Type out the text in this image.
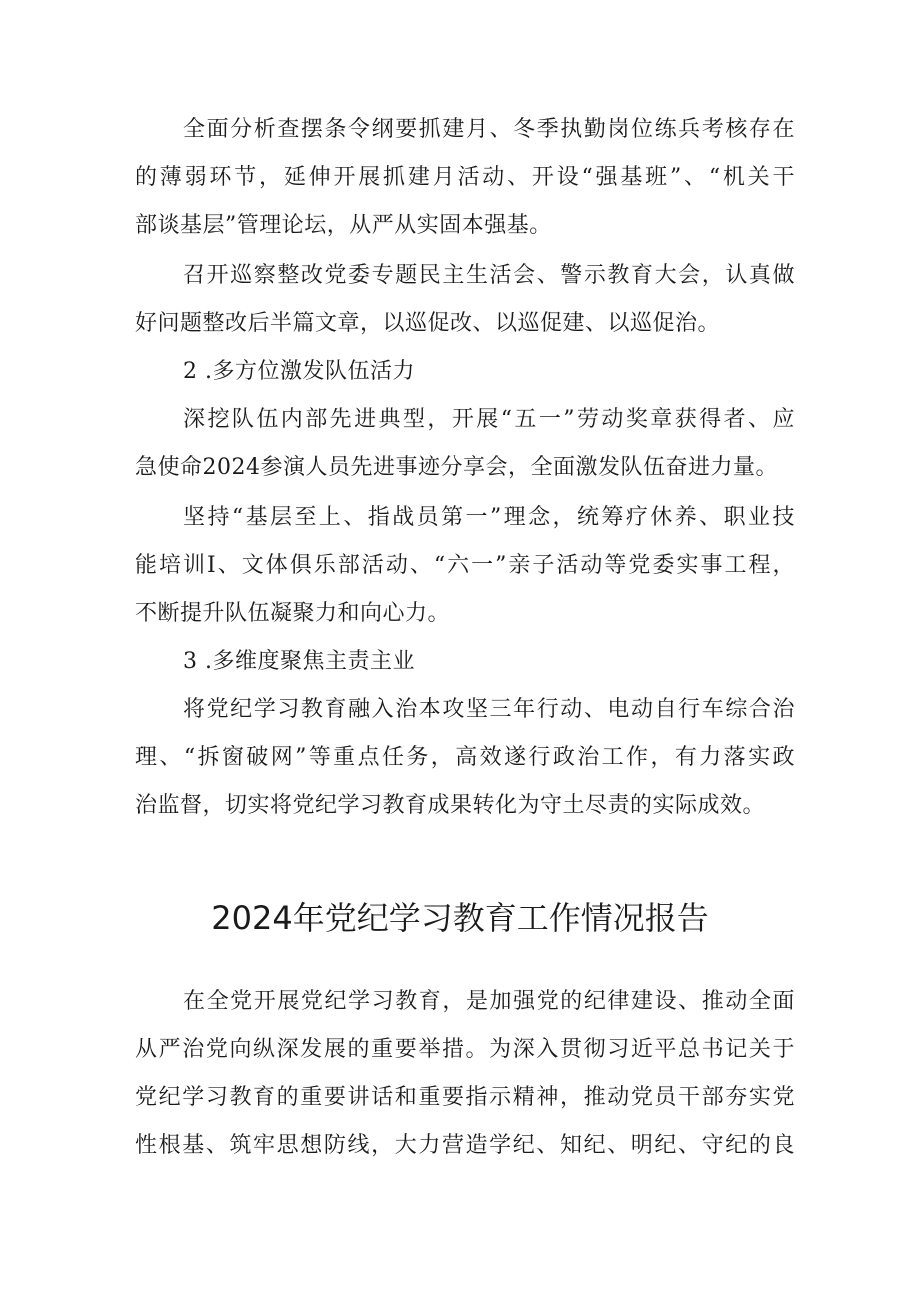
全面分析查摆条令纲要抓建月、冬季执勤岗位练兵考核存在
的薄弱环节，延伸开展抓建月活动、开设“强基班”、“机关干
部谈基层”管理论坛，从严从实固本强基。
召开巡察整改党委专题民主生活会、警示教育大会，认真做
好问题整改后半篇文章，以巡促改、以巡促建、以巡促治。
2 .多方位激发队伍活力
深挖队伍内部先进典型，开展“五一”劳动奖章获得者、应
急使命2024参演人员先进事迹分享会，全面激发队伍奋进力量。
坚持“基层至上、指战员第一”理念，统筹疗休养、职业技
能培训I、文体俱乐部活动、“六一”亲子活动等党委实事工程，
不断提升队伍凝聚力和向心力。
3 .多维度聚焦主责主业
将党纪学习教育融入治本攻坚三年行动、电动自行车综合治
理、“拆窗破网”等重点任务，高效遂行政治工作，有力落实政
治监督，切实将党纪学习教育成果转化为守土尽责的实际成效。
2024年党纪学习教育工作情况报告
在全党开展党纪学习教育，是加强党的纪律建设、推动全面
从严治党向纵深发展的重要举措。为深入贯彻习近平总书记关于
党纪学习教育的重要讲话和重要指示精神，推动党员干部夯实党
性根基、筑牢思想防线，大力营造学纪、知纪、明纪、守纪的良
